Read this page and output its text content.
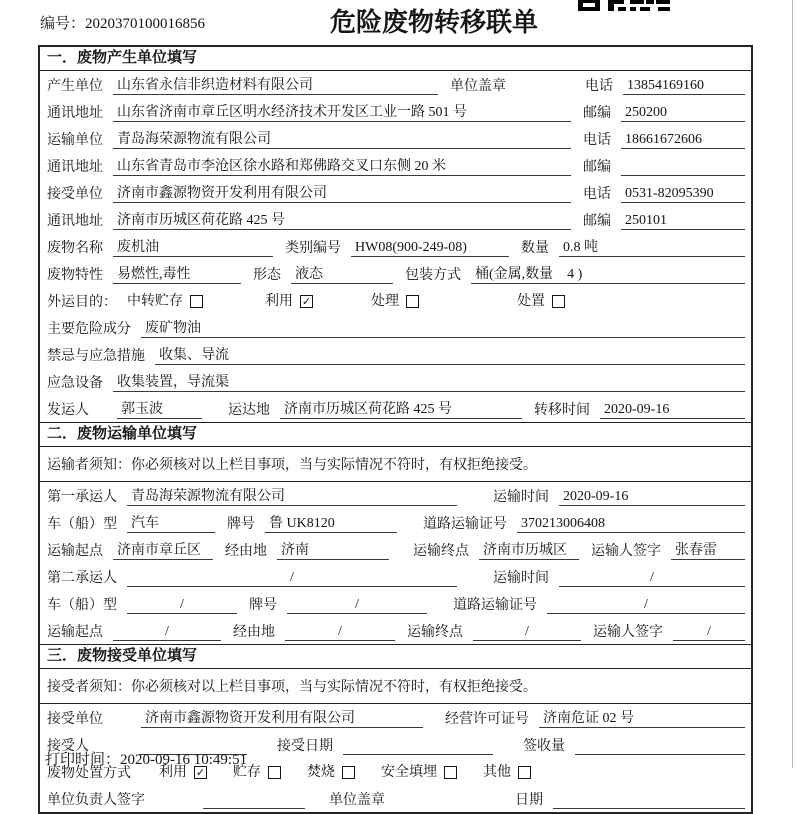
编号：2020370100016856	危险废物转移联单
一．废物产生单位填写
产生单位 山东省永信非织造材料有限公司	单位盖章	电话 13854169160
通讯地址 山东省济南市章丘区明水经济技术开发区工业一路 501 号	邮编 250200
运输单位 青岛海荣源物流有限公司	电话 18661672606
通讯地址 山东省青岛市李沧区徐水路和郑佛路交叉口东侧 20 米	邮编
接受单位 济南市鑫源物资开发利用有限公司	电话 0531-82095390
通讯地址 济南市历城区荷花路 425 号	邮编 250101
废物名称 废机油	类别编号 HW08(900-249-08)	数量 0.8 吨
废物特性 易燃性,毒性	形态 液态	包装方式 桶(金属,数量　4 )
外运目的： 中转贮存	利用 ✓	处理	处置
主要危险成分 废矿物油
禁忌与应急措施 收集、导流
应急设备 收集装置，导流渠
发运人 郭玉波	运达地 济南市历城区荷花路 425 号	转移时间 2020-09-16
二．废物运输单位填写
运输者须知：你必须核对以上栏目事项，当与实际情况不符时，有权拒绝接受。
第一承运人 青岛海荣源物流有限公司	运输时间 2020-09-16
车（船）型 汽车	牌号 鲁 UK8120	道路运输证号 370213006408
运输起点 济南市章丘区	经由地 济南	运输终点 济南市历城区	运输人签字 张春雷
第二承运人	/	运输时间	/
车（船）型	/	牌号	/	道路运输证号	/
运输起点	/	经由地	/	运输终点	/	运输人签字	/
三．废物接受单位填写
接受者须知：你必须核对以上栏目事项，当与实际情况不符时，有权拒绝接受。
接受单位	济南市鑫源物资开发利用有限公司	经营许可证号 济南危证 02 号
接受人	接受日期	签收量
废物处置方式 利用 ✓ 贮存	焚烧	安全填埋	其他
单位负责人签字	单位盖章	日期
打印时间：2020-09-16 10:49:51
